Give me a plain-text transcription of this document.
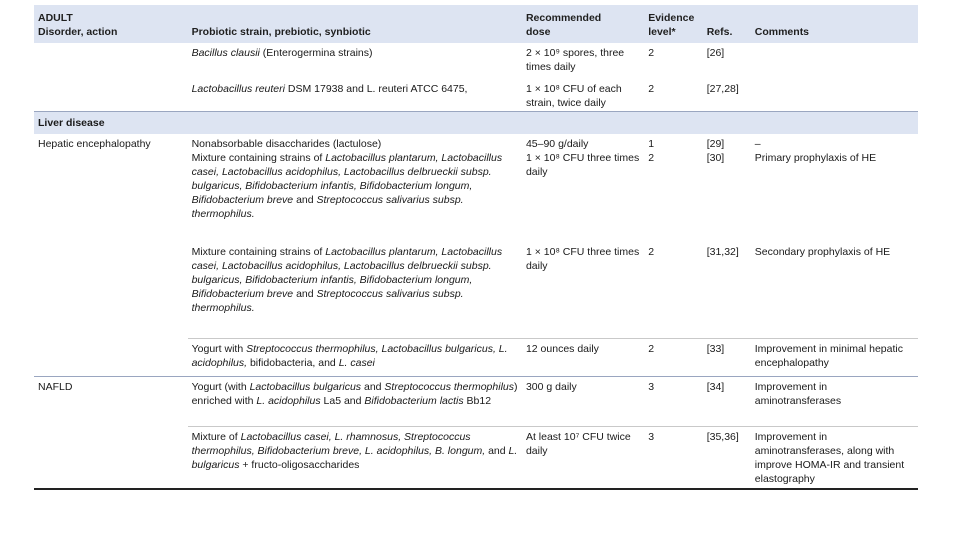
ADULT		Recommended	Evidence		
Disorder, action	Probiotic strain, prebiotic, synbiotic	dose	level*	Refs.	Comments
	Bacillus clausii (Enterogermina strains)	2 × 10⁹ spores, three times daily	2	[26]	
	Lactobacillus reuteri DSM 17938 and L. reuteri ATCC 6475,	1 × 10⁸ CFU of each strain, twice daily	2	[27,28]	
Liver disease					
Hepatic encephalopathy	Nonabsorbable disaccharides (lactulose)	45–90 g/daily	1	[29]	–
	Mixture containing strains of Lactobacillus plantarum, Lactobacillus casei, Lactobacillus acidophilus, Lactobacillus delbrueckii subsp. bulgaricus, Bifidobacterium infantis, Bifidobacterium longum, Bifidobacterium breve and Streptococcus salivarius subsp. thermophilus.	1 × 10⁸ CFU three times daily	2	[30]	Primary prophylaxis of HE
	Mixture containing strains of Lactobacillus plantarum, Lactobacillus casei, Lactobacillus acidophilus, Lactobacillus delbrueckii subsp. bulgaricus, Bifidobacterium infantis, Bifidobacterium longum, Bifidobacterium breve and Streptococcus salivarius subsp. thermophilus.	1 × 10⁸ CFU three times daily	2	[31,32]	Secondary prophylaxis of HE
	Yogurt with Streptococcus thermophilus, Lactobacillus bulgaricus, L. acidophilus, bifidobacteria, and L. casei	12 ounces daily	2	[33]	Improvement in minimal hepatic encephalopathy
NAFLD	Yogurt (with Lactobacillus bulgaricus and Streptococcus thermophilus) enriched with L. acidophilus La5 and Bifidobacterium lactis Bb12	300 g daily	3	[34]	Improvement in aminotransferases
	Mixture of Lactobacillus casei, L. rhamnosus, Streptococcus thermophilus, Bifidobacterium breve, L. acidophilus, B. longum, and L. bulgaricus + fructo-oligosaccharides	At least 10⁷ CFU twice daily	3	[35,36]	Improvement in aminotransferases, along with improve HOMA-IR and transient elastography
